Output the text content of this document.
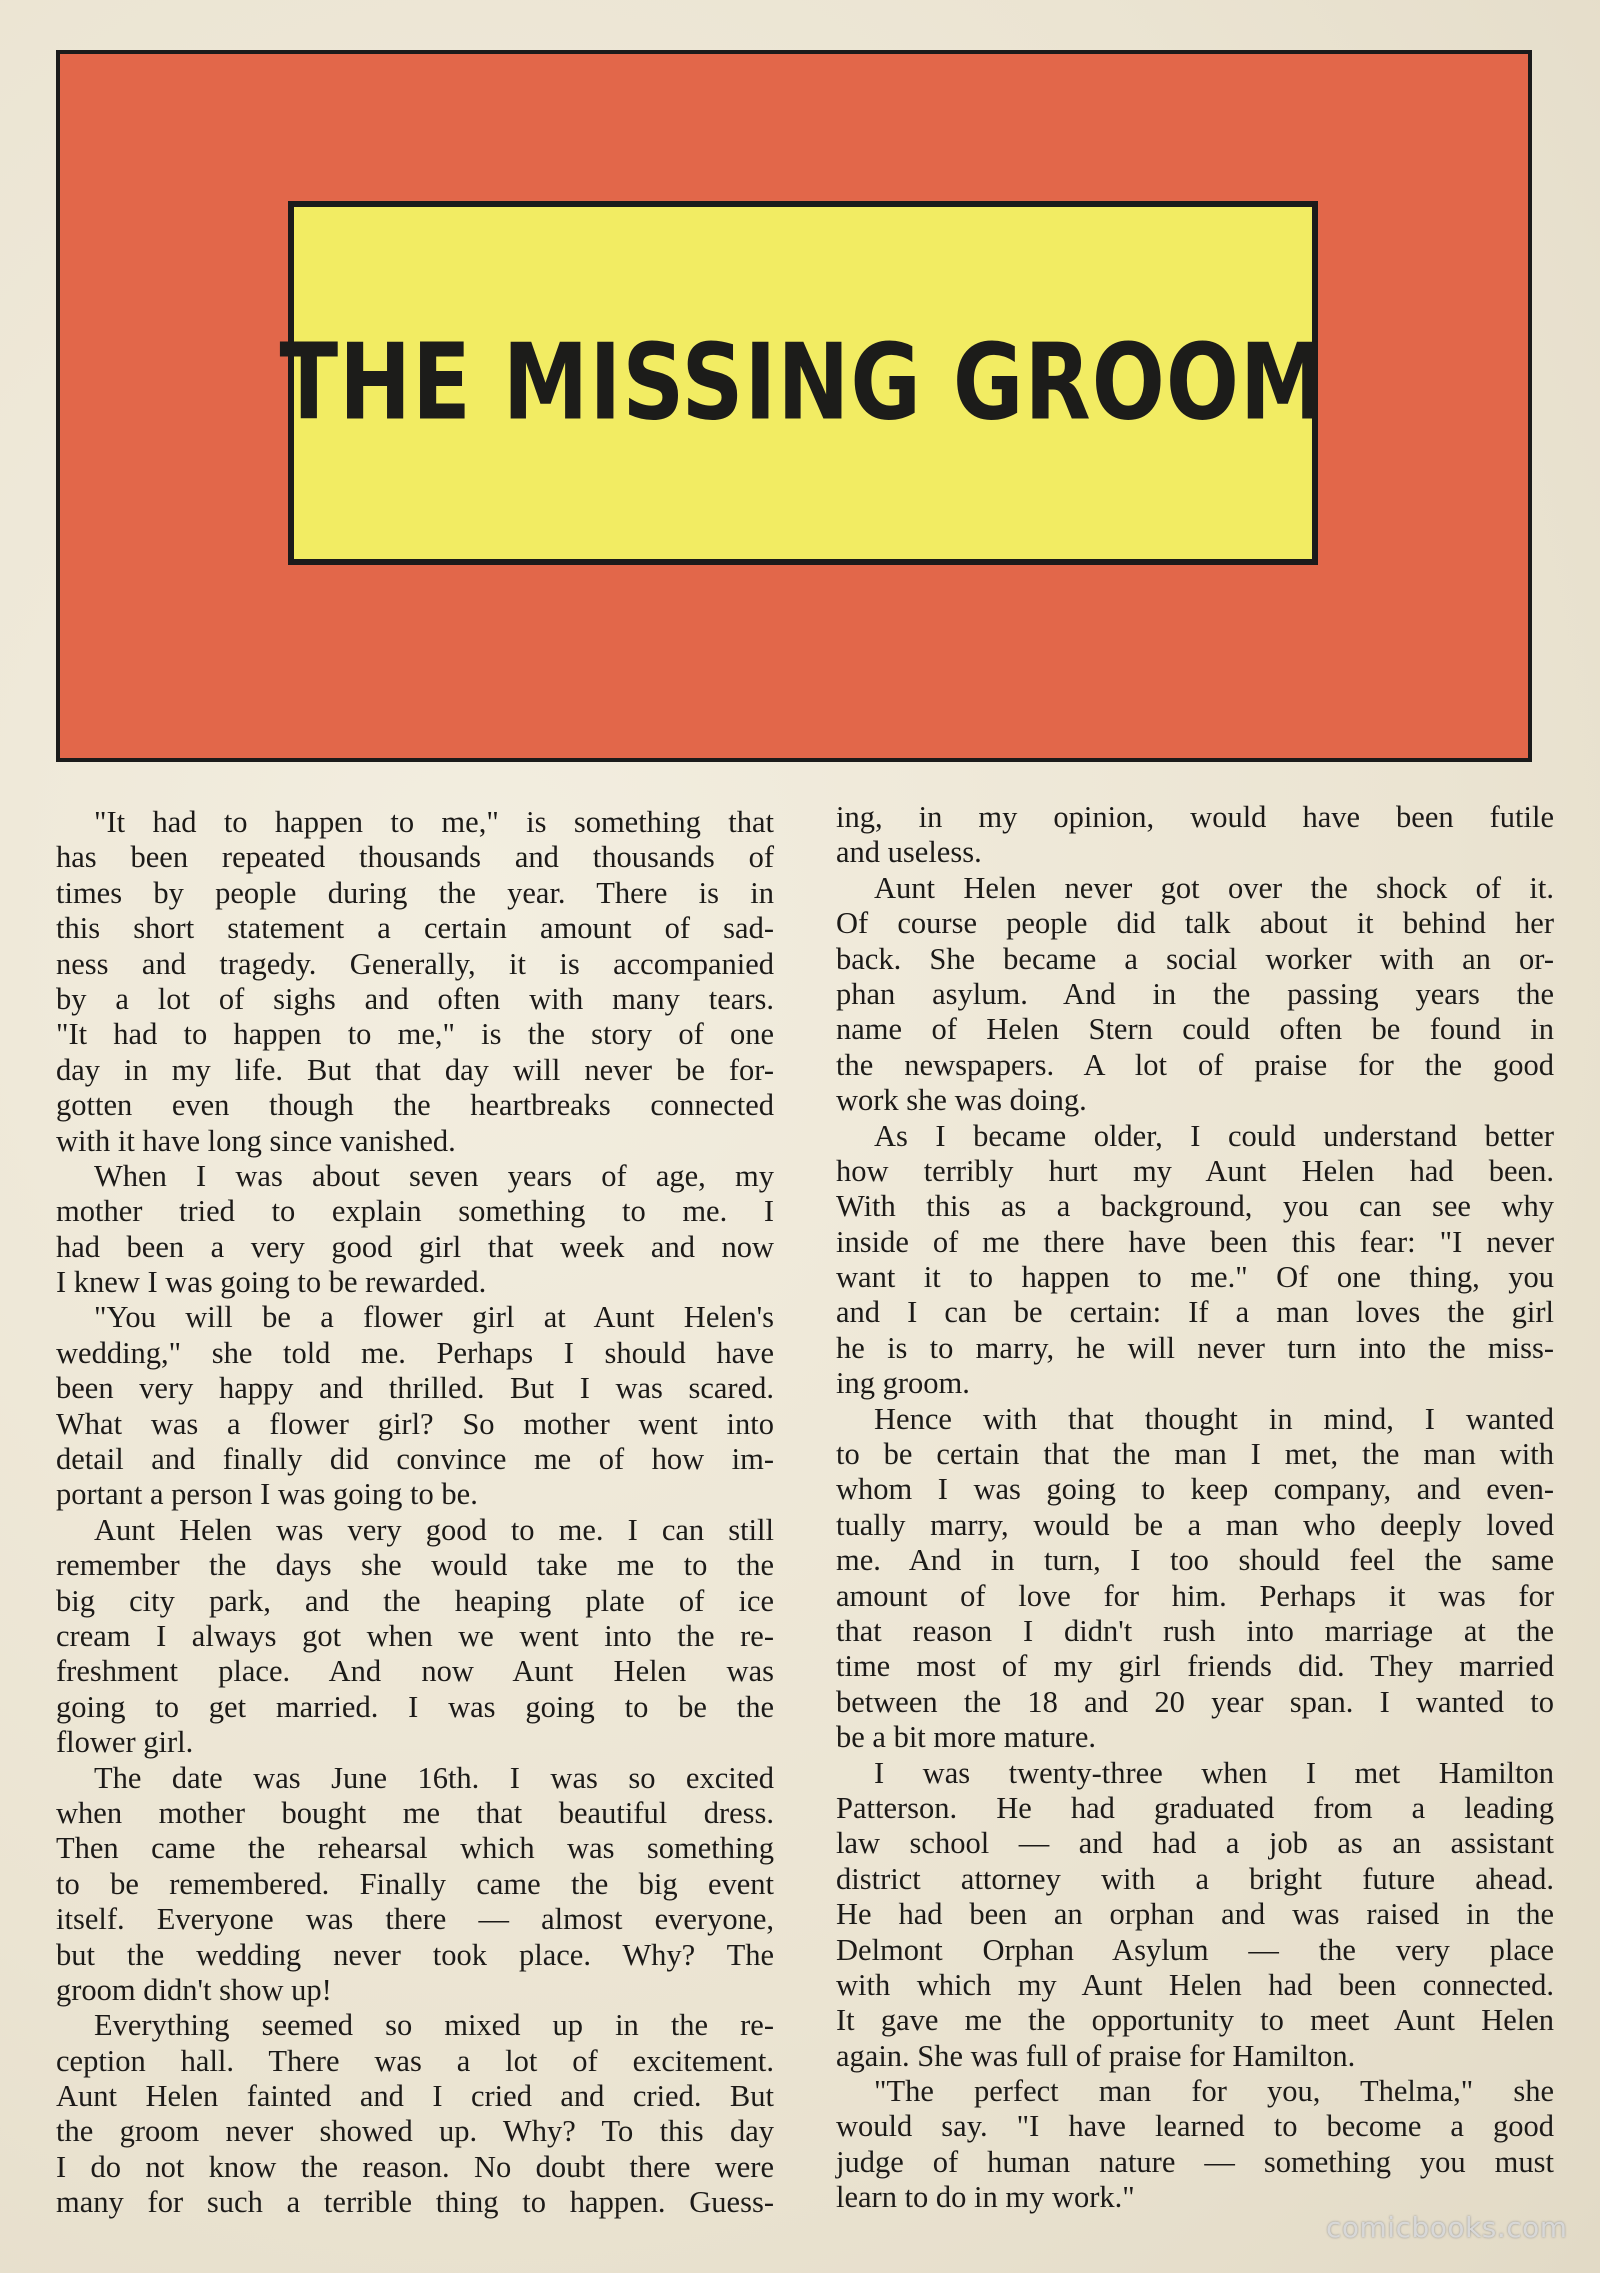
THE MISSING GROOM
"It had to happen to me," is something that
has been repeated thousands and thousands of
times by people during the year. There is in
this short statement a certain amount of sad-
ness and tragedy. Generally, it is accompanied
by a lot of sighs and often with many tears.
"It had to happen to me," is the story of one
day in my life. But that day will never be for-
gotten even though the heartbreaks connected
with it have long since vanished.
When I was about seven years of age, my
mother tried to explain something to me. I
had been a very good girl that week and now
I knew I was going to be rewarded.
"You will be a flower girl at Aunt Helen's
wedding," she told me. Perhaps I should have
been very happy and thrilled. But I was scared.
What was a flower girl? So mother went into
detail and finally did convince me of how im-
portant a person I was going to be.
Aunt Helen was very good to me. I can still
remember the days she would take me to the
big city park, and the heaping plate of ice
cream I always got when we went into the re-
freshment place. And now Aunt Helen was
going to get married. I was going to be the
flower girl.
The date was June 16th. I was so excited
when mother bought me that beautiful dress.
Then came the rehearsal which was something
to be remembered. Finally came the big event
itself. Everyone was there — almost everyone,
but the wedding never took place. Why? The
groom didn't show up!
Everything seemed so mixed up in the re-
ception hall. There was a lot of excitement.
Aunt Helen fainted and I cried and cried. But
the groom never showed up. Why? To this day
I do not know the reason. No doubt there were
many for such a terrible thing to happen. Guess-
ing, in my opinion, would have been futile
and useless.
Aunt Helen never got over the shock of it.
Of course people did talk about it behind her
back. She became a social worker with an or-
phan asylum. And in the passing years the
name of Helen Stern could often be found in
the newspapers. A lot of praise for the good
work she was doing.
As I became older, I could understand better
how terribly hurt my Aunt Helen had been.
With this as a background, you can see why
inside of me there have been this fear: "I never
want it to happen to me." Of one thing, you
and I can be certain: If a man loves the girl
he is to marry, he will never turn into the miss-
ing groom.
Hence with that thought in mind, I wanted
to be certain that the man I met, the man with
whom I was going to keep company, and even-
tually marry, would be a man who deeply loved
me. And in turn, I too should feel the same
amount of love for him. Perhaps it was for
that reason I didn't rush into marriage at the
time most of my girl friends did. They married
between the 18 and 20 year span. I wanted to
be a bit more mature.
I was twenty-three when I met Hamilton
Patterson. He had graduated from a leading
law school — and had a job as an assistant
district attorney with a bright future ahead.
He had been an orphan and was raised in the
Delmont Orphan Asylum — the very place
with which my Aunt Helen had been connected.
It gave me the opportunity to meet Aunt Helen
again. She was full of praise for Hamilton.
"The perfect man for you, Thelma," she
would say. "I have learned to become a good
judge of human nature — something you must
learn to do in my work."
comicbooks.com
